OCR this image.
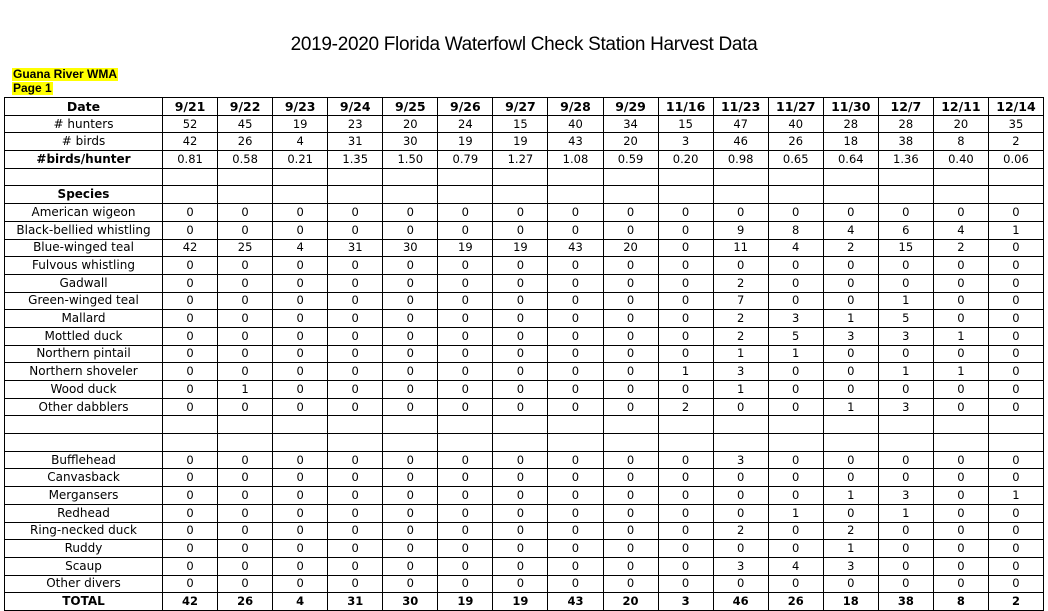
2019-2020 Florida Waterfowl Check Station Harvest Data
Guana River WMA
Page 1
Date	9/21	9/22	9/23	9/24	9/25	9/26	9/27	9/28	9/29	11/16	11/23	11/27	11/30	12/7	12/11	12/14
# hunters	52	45	19	23	20	24	15	40	34	15	47	40	28	28	20	35
# birds	42	26	4	31	30	19	19	43	20	3	46	26	18	38	8	2
#birds/hunter	0.81	0.58	0.21	1.35	1.50	0.79	1.27	1.08	0.59	0.20	0.98	0.65	0.64	1.36	0.40	0.06

Species																
American wigeon	0	0	0	0	0	0	0	0	0	0	0	0	0	0	0	0
Black-bellied whistling	0	0	0	0	0	0	0	0	0	0	9	8	4	6	4	1
Blue-winged teal	42	25	4	31	30	19	19	43	20	0	11	4	2	15	2	0
Fulvous whistling	0	0	0	0	0	0	0	0	0	0	0	0	0	0	0	0
Gadwall	0	0	0	0	0	0	0	0	0	0	2	0	0	0	0	0
Green-winged teal	0	0	0	0	0	0	0	0	0	0	7	0	0	1	0	0
Mallard	0	0	0	0	0	0	0	0	0	0	2	3	1	5	0	0
Mottled duck	0	0	0	0	0	0	0	0	0	0	2	5	3	3	1	0
Northern pintail	0	0	0	0	0	0	0	0	0	0	1	1	0	0	0	0
Northern shoveler	0	0	0	0	0	0	0	0	0	1	3	0	0	1	1	0
Wood duck	0	1	0	0	0	0	0	0	0	0	1	0	0	0	0	0
Other dabblers	0	0	0	0	0	0	0	0	0	2	0	0	1	3	0	0

Bufflehead	0	0	0	0	0	0	0	0	0	0	3	0	0	0	0	0
Canvasback	0	0	0	0	0	0	0	0	0	0	0	0	0	0	0	0
Mergansers	0	0	0	0	0	0	0	0	0	0	0	0	1	3	0	1
Redhead	0	0	0	0	0	0	0	0	0	0	0	1	0	1	0	0
Ring-necked duck	0	0	0	0	0	0	0	0	0	0	2	0	2	0	0	0
Ruddy	0	0	0	0	0	0	0	0	0	0	0	0	1	0	0	0
Scaup	0	0	0	0	0	0	0	0	0	0	3	4	3	0	0	0
Other divers	0	0	0	0	0	0	0	0	0	0	0	0	0	0	0	0
TOTAL	42	26	4	31	30	19	19	43	20	3	46	26	18	38	8	2
